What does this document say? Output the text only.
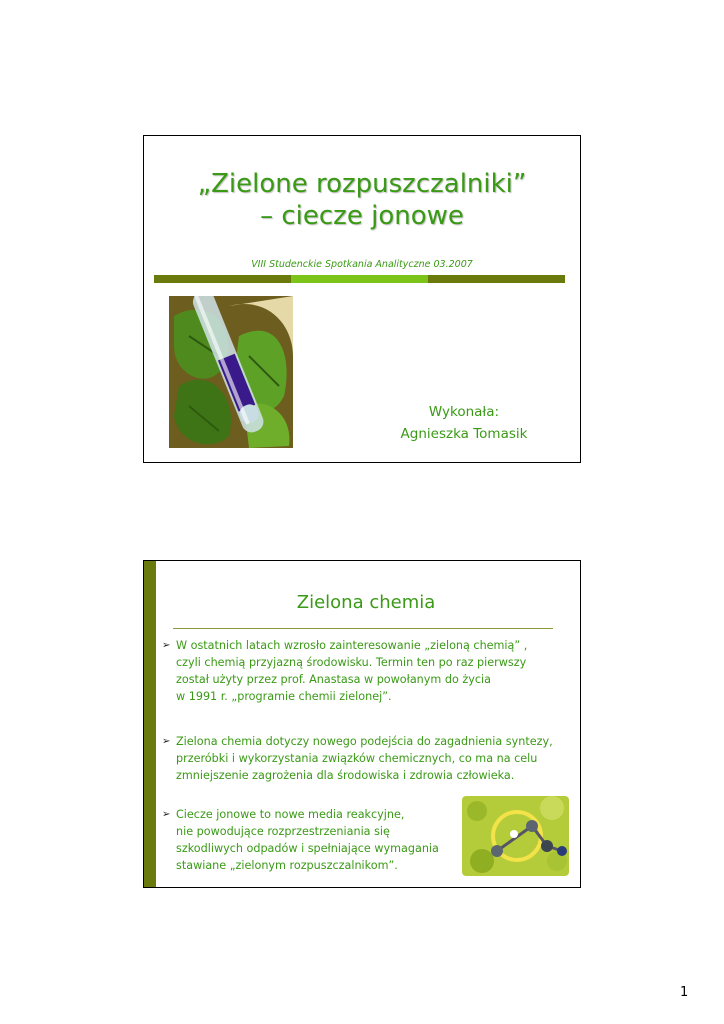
„Zielone rozpuszczalniki”
– ciecze jonowe
VIII Studenckie Spotkania Analityczne 03.2007
Wykonała:
Agnieszka Tomasik
Zielona chemia
➢ W ostatnich latach wzrosło zainteresowanie „zieloną chemią” ,
czyli chemią przyjazną środowisku. Termin ten po raz pierwszy
został użyty przez prof. Anastasa w powołanym do życia
w 1991 r. „programie chemii zielonej”.
➢ Zielona chemia dotyczy nowego podejścia do zagadnienia syntezy,
przeróbki i wykorzystania związków chemicznych, co ma na celu
zmniejszenie zagrożenia dla środowiska i zdrowia człowieka.
➢ Ciecze jonowe to nowe media reakcyjne,
nie powodujące rozprzestrzeniania się
szkodliwych odpadów i spełniające wymagania
stawiane „zielonym rozpuszczalnikom”.
1
